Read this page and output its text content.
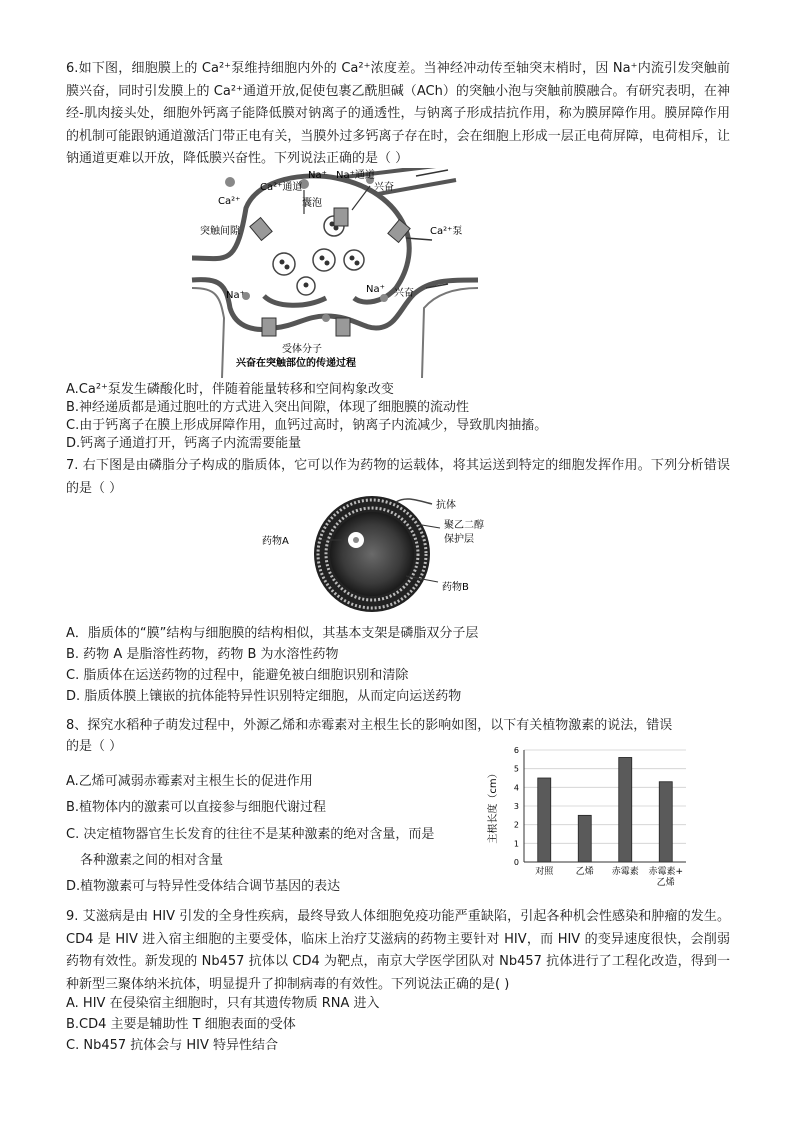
6.如下图，细胞膜上的 Ca²⁺泵维持细胞内外的 Ca²⁺浓度差。当神经冲动传至轴突末梢时，因 Na⁺内流引发突触前膜兴奋，同时引发膜上的 Ca²⁺通道开放,促使包裹乙酰胆碱（ACh）的突触小泡与突触前膜融合。有研究表明，在神经-肌肉接头处，细胞外钙离子能降低膜对钠离子的通透性，与钠离子形成拮抗作用，称为膜屏障作用。膜屏障作用的机制可能跟钠通道激活门带正电有关，当膜外过多钙离子存在时，会在细胞上形成一层正电荷屏障，电荷相斥，让钠通道更难以开放，降低膜兴奋性。下列说法正确的是（ ）

Ca²⁺
Ca²⁺通道
Na⁺ Na⁺通道
兴奋
囊泡
突触间隙	Ca²⁺泵
Na⁺
Na⁺ 兴奋
受体分子
兴奋在突触部位的传递过程
A.Ca²⁺泵发生磷酸化时，伴随着能量转移和空间构象改变
B.神经递质都是通过胞吐的方式进入突出间隙，体现了细胞膜的流动性
C.由于钙离子在膜上形成屏障作用，血钙过高时，钠离子内流减少，导致肌肉抽搐。
D.钙离子通道打开，钙离子内流需要能量

7. 右下图是由磷脂分子构成的脂质体，它可以作为药物的运载体，将其运送到特定的细胞发挥作用。下列分析错误的是（ ）

抗体
药物A
聚乙二醇
保护层
药物B
A．脂质体的“膜”结构与细胞膜的结构相似，其基本支架是磷脂双分子层
B. 药物 A 是脂溶性药物，药物 B 为水溶性药物
C. 脂质体在运送药物的过程中，能避免被白细胞识别和清除
D. 脂质体膜上镶嵌的抗体能特异性识别特定细胞，从而定向运送药物
8、探究水稻种子萌发过程中，外源乙烯和赤霉素对主根生长的影响如图，以下有关植物激素的说法，错误
的是（ ）
A.乙烯可减弱赤霉素对主根生长的促进作用
B.植物体内的激素可以直接参与细胞代谢过程
C. 决定植物器官生长发育的往往不是某种激素的绝对含量，而是
各种激素之间的相对含量
D.植物激素可与特异性受体结合调节基因的表达
0
1
2
3
4
5
6
对照 乙烯 赤霉素 赤霉素+
乙烯
主根长度（cm）

9. 艾滋病是由 HIV 引发的全身性疾病，最终导致人体细胞免疫功能严重缺陷，引起各种机会性感染和肿瘤的发生。CD4 是 HIV 进入宿主细胞的主要受体，临床上治疗艾滋病的药物主要针对 HIV，而 HIV 的变异速度很快，会削弱药物有效性。新发现的 Nb457 抗体以 CD4 为靶点，南京大学医学团队对 Nb457 抗体进行了工程化改造，得到一种新型三聚体纳米抗体，明显提升了抑制病毒的有效性。下列说法正确的是( )

A. HIV 在侵染宿主细胞时，只有其遗传物质 RNA 进入
B.CD4 主要是辅助性 T 细胞表面的受体
C. Nb457 抗体会与 HIV 特异性结合
